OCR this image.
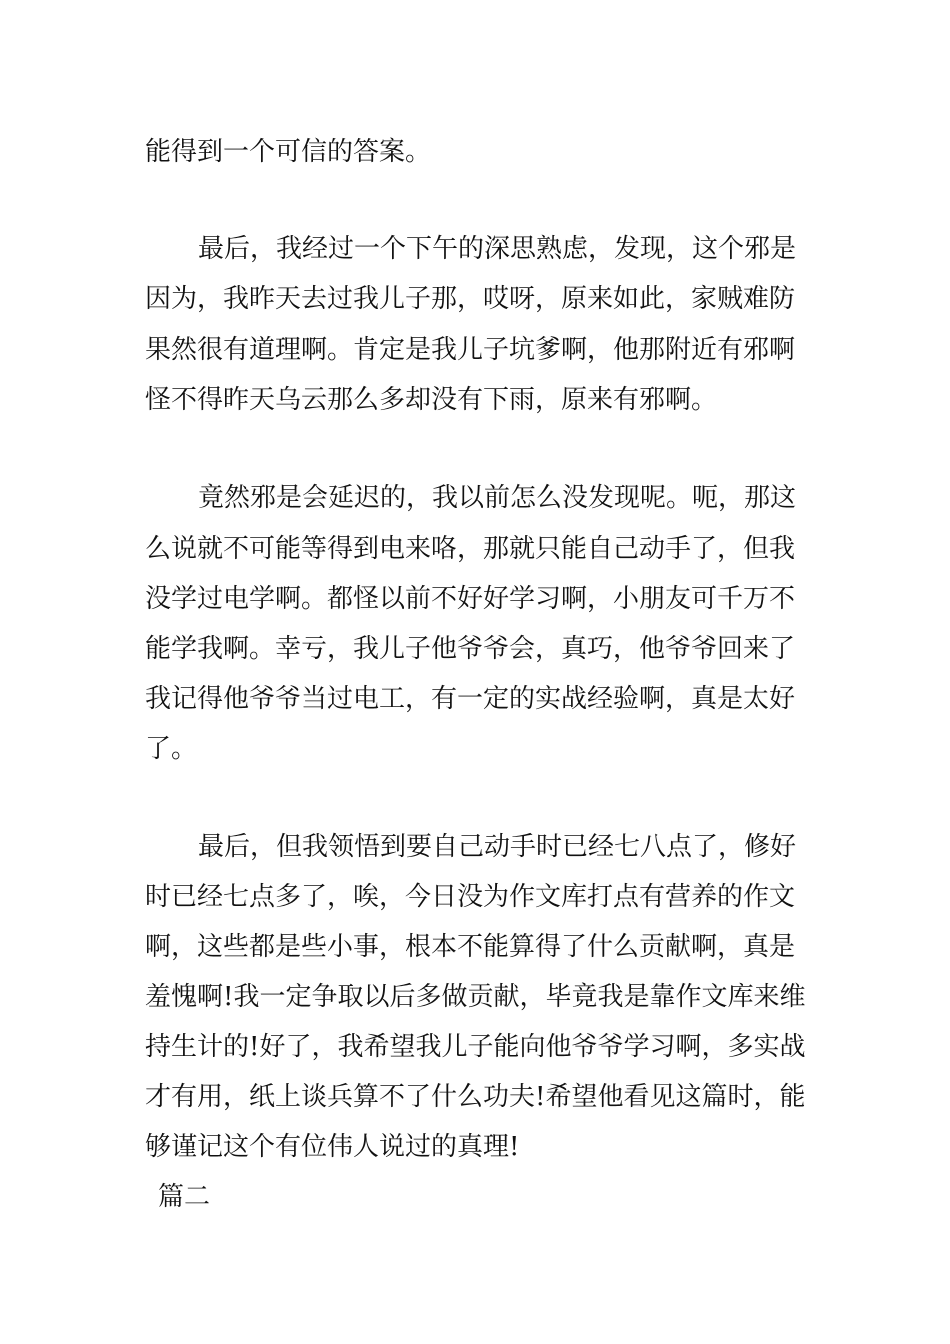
能得到一个可信的答案。

最后，我经过一个下午的深思熟虑，发现，这个邪是

因为，我昨天去过我儿子那，哎呀，原来如此，家贼难防

果然很有道理啊。肯定是我儿子坑爹啊，他那附近有邪啊

怪不得昨天乌云那么多却没有下雨，原来有邪啊。

竟然邪是会延迟的，我以前怎么没发现呢。呃，那这

么说就不可能等得到电来咯，那就只能自己动手了，但我

没学过电学啊。都怪以前不好好学习啊，小朋友可千万不

能学我啊。幸亏，我儿子他爷爷会，真巧，他爷爷回来了

我记得他爷爷当过电工，有一定的实战经验啊，真是太好

了。

最后，但我领悟到要自己动手时已经七八点了，修好

时已经七点多了，唉，今日没为作文库打点有营养的作文

啊，这些都是些小事，根本不能算得了什么贡献啊，真是

羞愧啊!我一定争取以后多做贡献，毕竟我是靠作文库来维

持生计的!好了，我希望我儿子能向他爷爷学习啊，多实战

才有用，纸上谈兵算不了什么功夫!希望他看见这篇时，能

够谨记这个有位伟人说过的真理!

篇二
